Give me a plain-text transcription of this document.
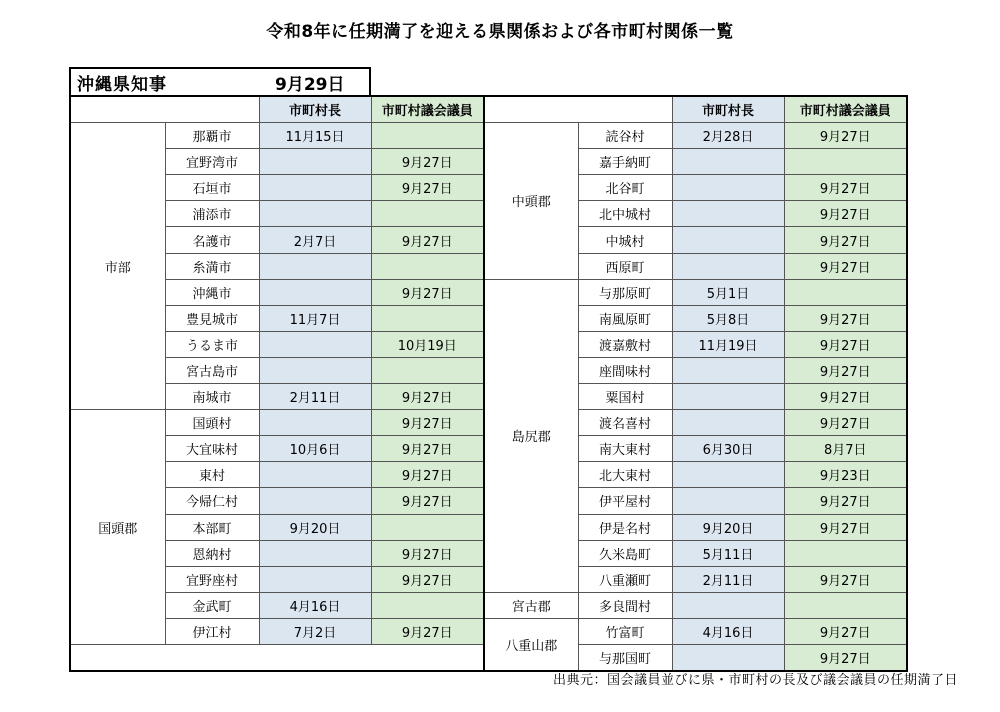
令和8年に任期満了を迎える県関係および各市町村関係一覧
沖縄県知事	9月29日
		市町村長	市町村議会議員			市町村長	市町村議会議員
市部	那覇市	11月15日		中頭郡	読谷村	2月28日	9月27日
	宜野湾市		9月27日		嘉手納町		
	石垣市		9月27日		北谷町		9月27日
	浦添市				北中城村		9月27日
	名護市	2月7日	9月27日		中城村		9月27日
	糸満市				西原町		9月27日
	沖縄市		9月27日	島尻郡	与那原町	5月1日	
	豊見城市	11月7日			南風原町	5月8日	9月27日
	うるま市		10月19日		渡嘉敷村	11月19日	9月27日
	宮古島市				座間味村		9月27日
	南城市	2月11日	9月27日		粟国村		9月27日
国頭郡	国頭村		9月27日		渡名喜村		9月27日
	大宜味村	10月6日	9月27日		南大東村	6月30日	8月7日
	東村		9月27日		北大東村		9月23日
	今帰仁村		9月27日		伊平屋村		9月27日
	本部町	9月20日			伊是名村	9月20日	9月27日
	恩納村		9月27日		久米島町	5月11日	
	宜野座村		9月27日		八重瀬町	2月11日	9月27日
	金武町	4月16日		宮古郡	多良間村		
	伊江村	7月2日	9月27日	八重山郡	竹富町	4月16日	9月27日
					与那国町		9月27日
出典元：国会議員並びに県・市町村の長及び議会議員の任期満了日
